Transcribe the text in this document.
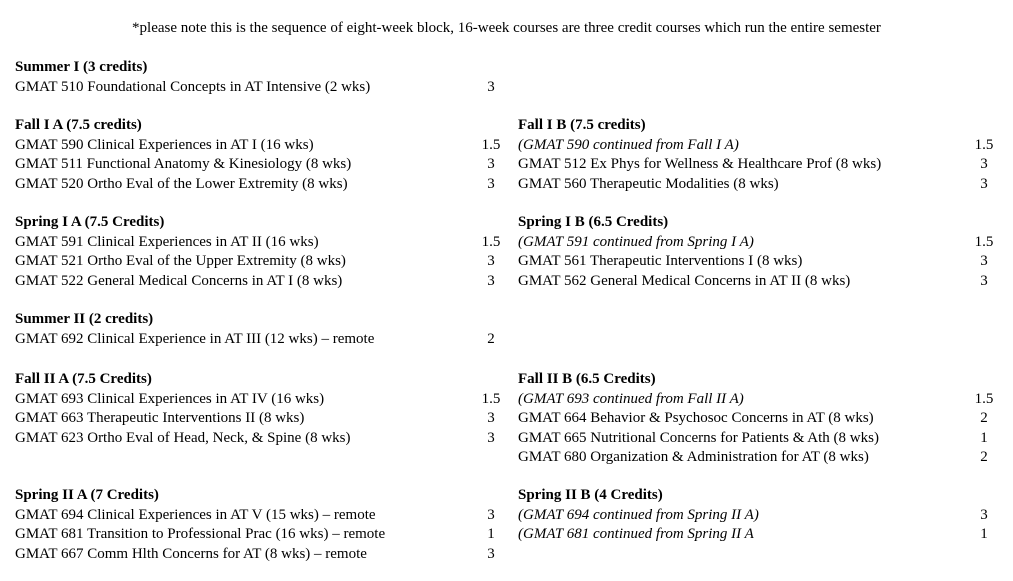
*please note this is the sequence of eight-week block, 16-week courses are three credit courses which run the entire semester
Summer I (3 credits)
GMAT 510 Foundational Concepts in AT Intensive (2 wks)	3
Fall I A (7.5 credits)
GMAT 590 Clinical Experiences in AT I (16 wks)	1.5
GMAT 511 Functional Anatomy & Kinesiology (8 wks)	3
GMAT 520 Ortho Eval of the Lower Extremity (8 wks)	3
Fall I B (7.5 credits)
(GMAT 590 continued from Fall I A)	1.5
GMAT 512 Ex Phys for Wellness & Healthcare Prof (8 wks)	3
GMAT 560 Therapeutic Modalities (8 wks)	3
Spring I A (7.5 Credits)
GMAT 591 Clinical Experiences in AT II (16 wks)	1.5
GMAT 521 Ortho Eval of the Upper Extremity (8 wks)	3
GMAT 522 General Medical Concerns in AT I (8 wks)	3
Spring I B (6.5 Credits)
(GMAT 591 continued from Spring I A)	1.5
GMAT 561 Therapeutic Interventions I (8 wks)	3
GMAT 562 General Medical Concerns in AT II (8 wks)	3
Summer II (2 credits)
GMAT 692 Clinical Experience in AT III (12 wks) – remote	2
Fall II A (7.5 Credits)
GMAT 693 Clinical Experiences in AT IV (16 wks)	1.5
GMAT 663 Therapeutic Interventions II (8 wks)	3
GMAT 623 Ortho Eval of Head, Neck, & Spine (8 wks)	3
Fall II B (6.5 Credits)
(GMAT 693 continued from Fall II A)	1.5
GMAT 664 Behavior & Psychosoc Concerns in AT (8 wks)	2
GMAT 665 Nutritional Concerns for Patients & Ath (8 wks)	1
GMAT 680 Organization & Administration for AT (8 wks)	2
Spring II A (7 Credits)
GMAT 694 Clinical Experiences in AT V (15 wks) – remote	3
GMAT 681 Transition to Professional Prac (16 wks) – remote	1
GMAT 667 Comm Hlth Concerns for AT (8 wks) – remote	3
Spring II B (4 Credits)
(GMAT 694 continued from Spring II A)	3
(GMAT 681 continued from Spring II A	1
